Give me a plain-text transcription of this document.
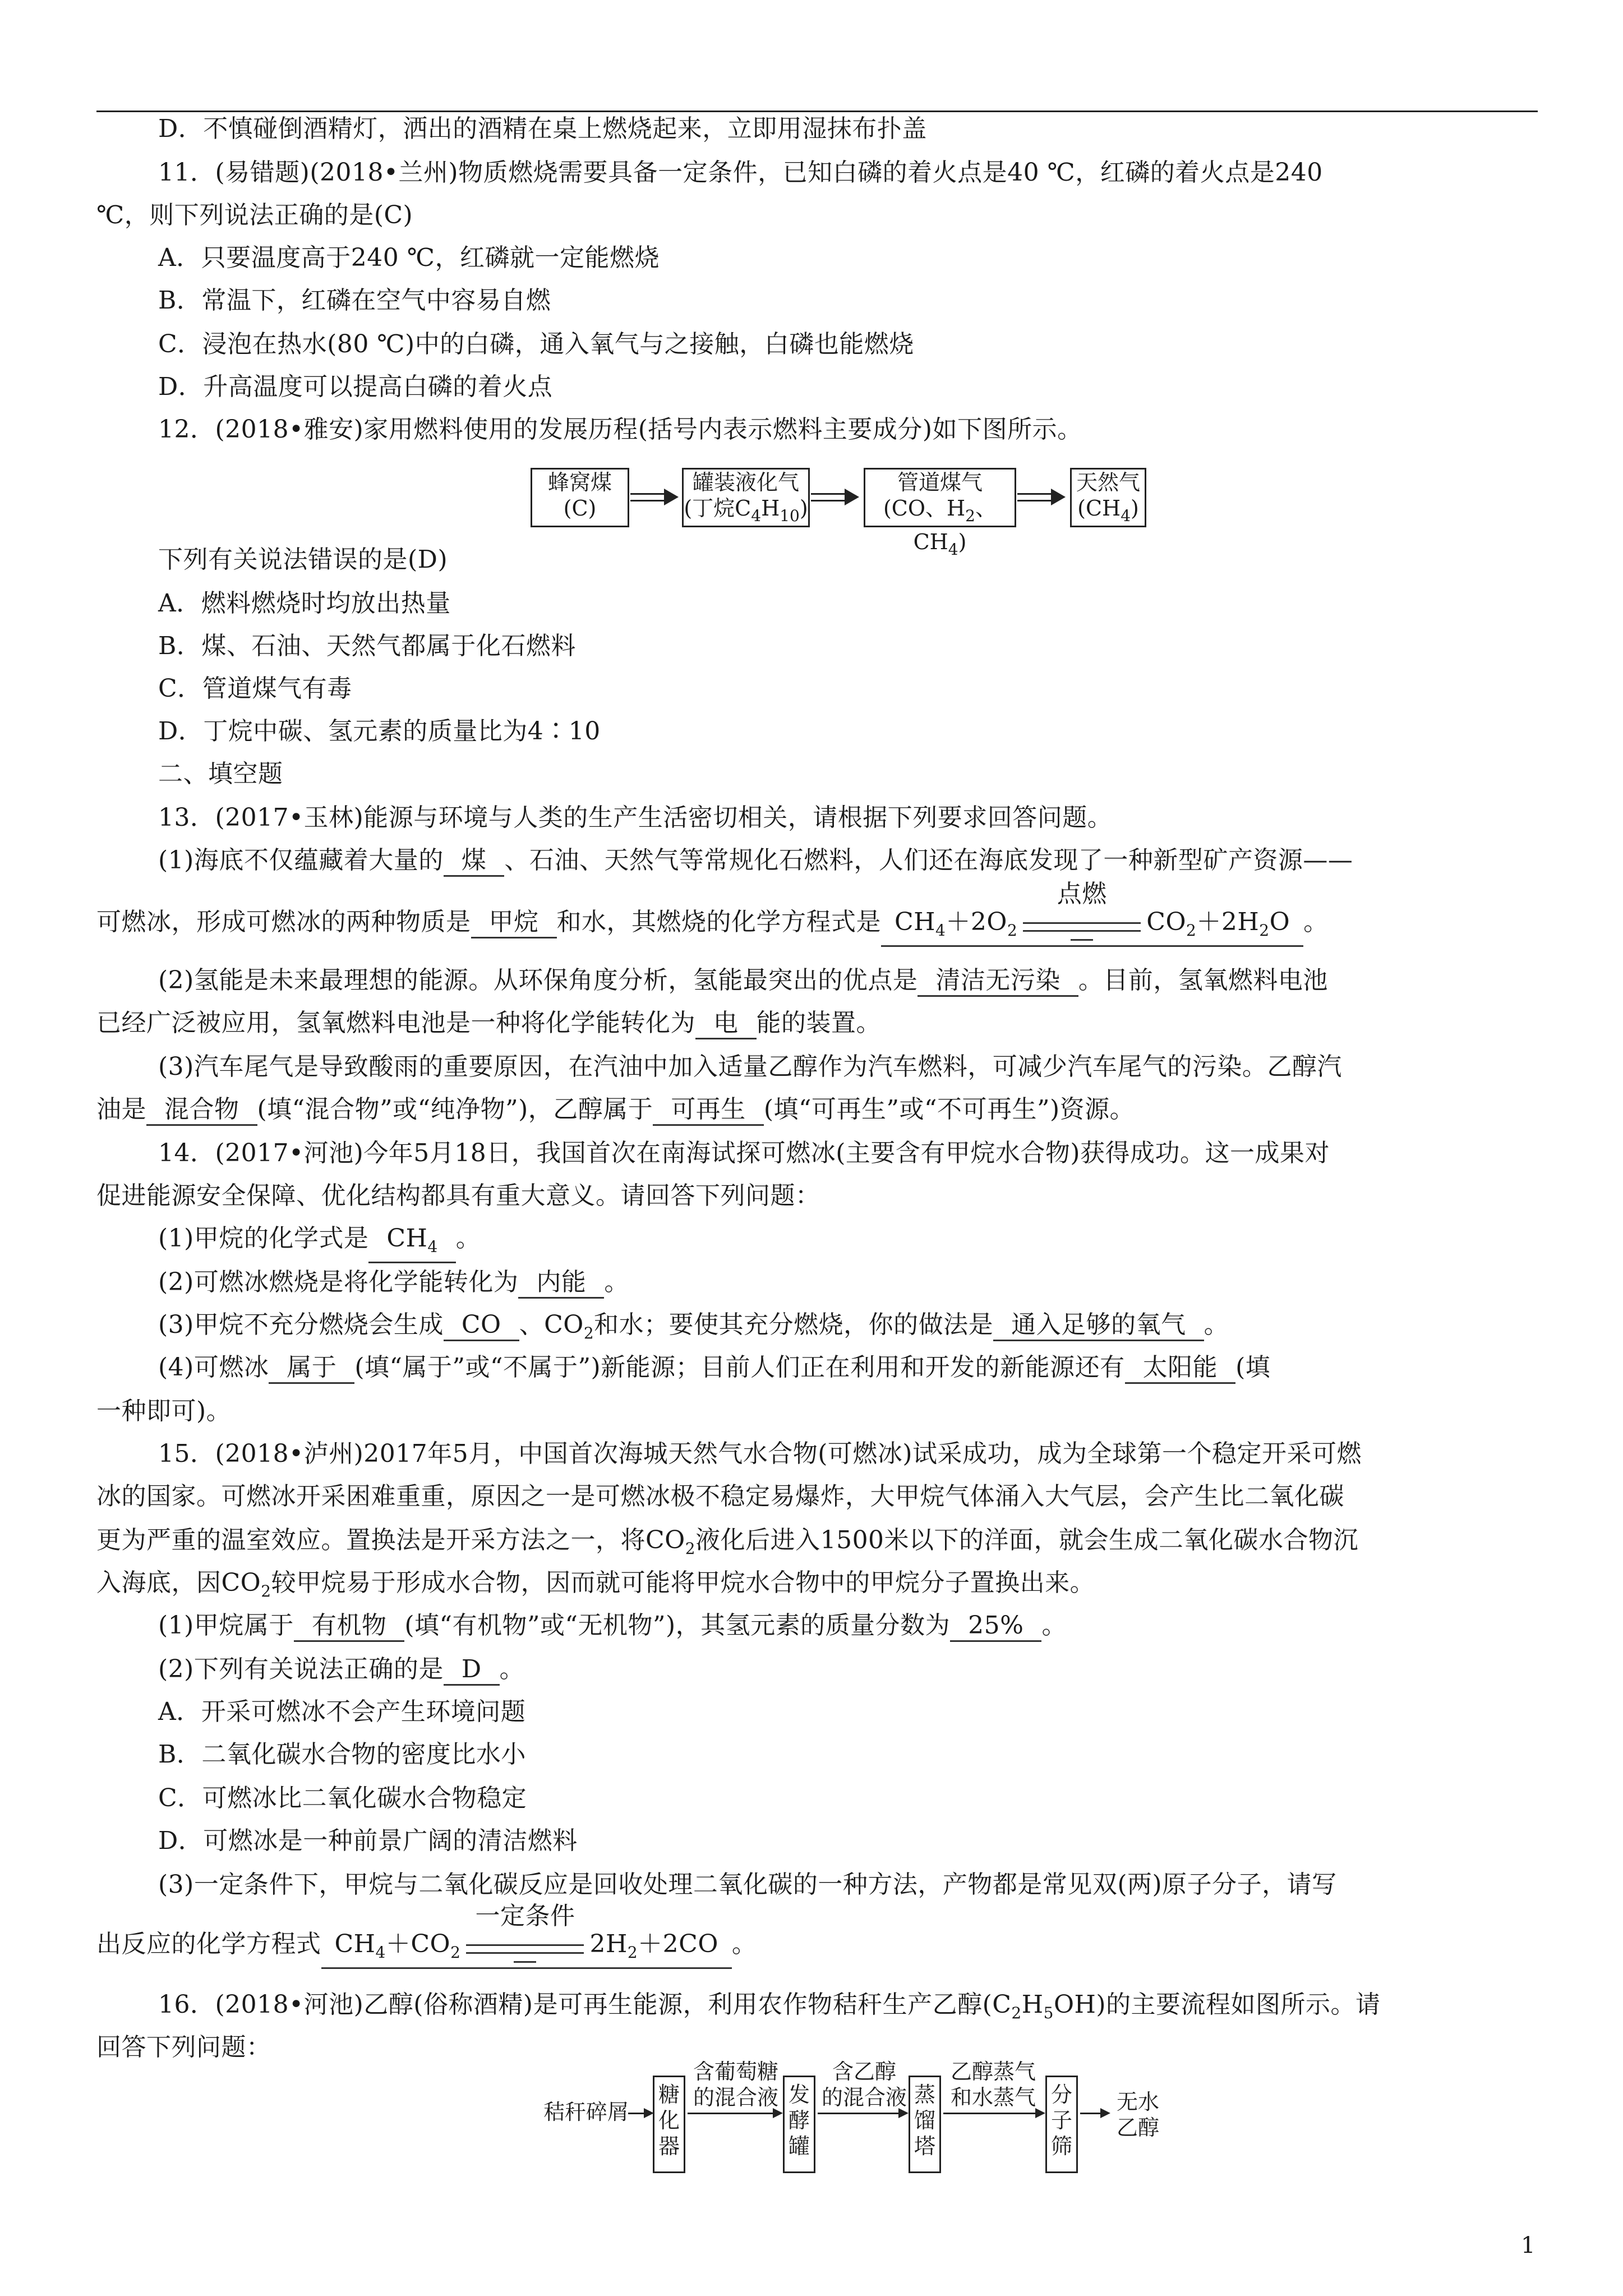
D．不慎碰倒酒精灯，洒出的酒精在桌上燃烧起来，立即用湿抹布扑盖
11．(易错题)(2018•兰州)物质燃烧需要具备一定条件，已知白磷的着火点是40 ℃，红磷的着火点是240
℃，则下列说法正确的是(C)
A．只要温度高于240 ℃，红磷就一定能燃烧
B．常温下，红磷在空气中容易自燃
C．浸泡在热水(80 ℃)中的白磷，通入氧气与之接触，白磷也能燃烧
D．升高温度可以提高白磷的着火点
12．(2018•雅安)家用燃料使用的发展历程(括号内表示燃料主要成分)如下图所示。
蜂窝煤
(C)
罐装液化气
(丁烷$C_4H_{10}$)
管道煤气
(CO、$H_2$、$CH_4$)
天然气
$(CH_4)$
下列有关说法错误的是(D)
A．燃料燃烧时均放出热量
B．煤、石油、天然气都属于化石燃料
C．管道煤气有毒
D．丁烷中碳、氢元素的质量比为4∶10
二、填空题
13．(2017•玉林)能源与环境与人类的生产生活密切相关，请根据下列要求回答问题。
(1)海底不仅蕴藏着大量的 煤 、石油、天然气等常规化石燃料，人们还在海底发现了一种新型矿产资源——
可燃冰，形成可燃冰的两种物质是 甲烷 和水，其燃烧的化学方程式是 $CH_4+2O_2$
点燃
$CO_2+2H_2O$ 。
(2)氢能是未来最理想的能源。从环保角度分析，氢能最突出的优点是 清洁无污染 。目前，氢氧燃料电池
已经广泛被应用，氢氧燃料电池是一种将化学能转化为 电 能的装置。
(3)汽车尾气是导致酸雨的重要原因，在汽油中加入适量乙醇作为汽车燃料，可减少汽车尾气的污染。乙醇汽
油是 混合物 (填“混合物”或“纯净物”)，乙醇属于 可再生 (填“可再生”或“不可再生”)资源。
14．(2017•河池)今年5月18日，我国首次在南海试探可燃冰(主要含有甲烷水合物)获得成功。这一成果对
促进能源安全保障、优化结构都具有重大意义。请回答下列问题：
(1)甲烷的化学式是 $CH_4$ 。
(2)可燃冰燃烧是将化学能转化为 内能 。
(3)甲烷不充分燃烧会生成 CO 、$CO_2$和水；要使其充分燃烧，你的做法是 通入足够的氧气 。
(4)可燃冰 属于 (填“属于”或“不属于”)新能源；目前人们正在利用和开发的新能源还有 太阳能 (填
一种即可)。
15．(2018•泸州)2017年5月，中国首次海城天然气水合物(可燃冰)试采成功，成为全球第一个稳定开采可燃
冰的国家。可燃冰开采困难重重，原因之一是可燃冰极不稳定易爆炸，大甲烷气体涌入大气层，会产生比二氧化碳
更为严重的温室效应。置换法是开采方法之一，将$CO_2$液化后进入1500米以下的洋面，就会生成二氧化碳水合物沉
入海底，因$CO_2$较甲烷易于形成水合物，因而就可能将甲烷水合物中的甲烷分子置换出来。
(1)甲烷属于 有机物 (填“有机物”或“无机物”)，其氢元素的质量分数为 25% 。
(2)下列有关说法正确的是 D 。
A．开采可燃冰不会产生环境问题
B．二氧化碳水合物的密度比水小
C．可燃冰比二氧化碳水合物稳定
D．可燃冰是一种前景广阔的清洁燃料
(3)一定条件下，甲烷与二氧化碳反应是回收处理二氧化碳的一种方法，产物都是常见双(两)原子分子，请写
出反应的化学方程式 $CH_4+CO_2$
一定条件
$2H_2+2CO$ 。
16．(2018•河池)乙醇(俗称酒精)是可再生能源，利用农作物秸秆生产乙醇$(C_2H_5OH)$的主要流程如图所示。请
回答下列问题：
秸秆碎屑
糖化器
含葡萄糖
的混合液 发酵罐
含乙醇
的混合液 蒸馏塔
乙醇蒸气
和水蒸气 分子筛
无水
乙醇
1
